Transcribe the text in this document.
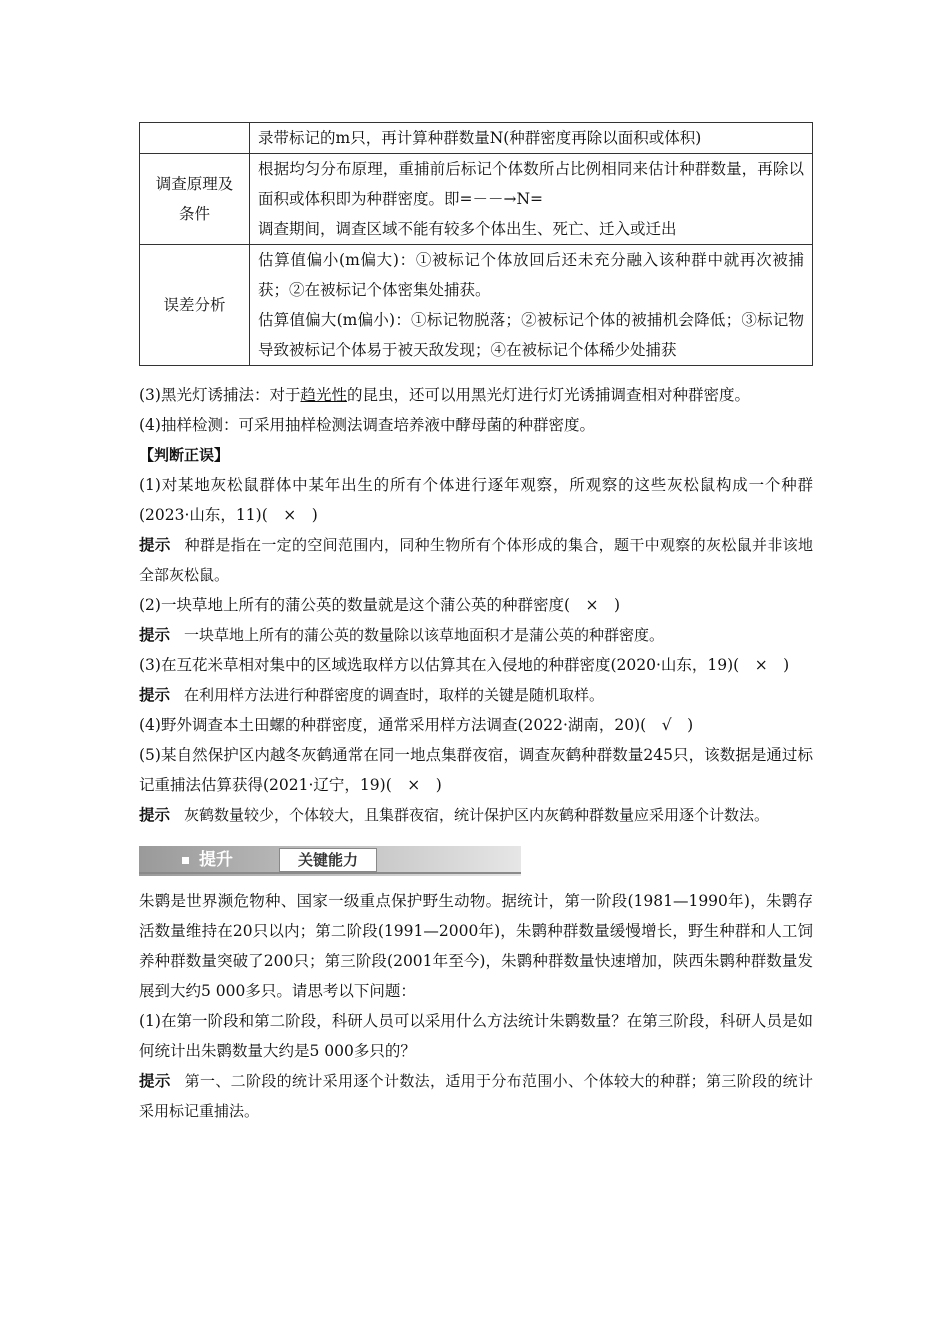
	录带标记的m只，再计算种群数量N(种群密度再除以面积或体积)
调查原理及条件	根据均匀分布原理，重捕前后标记个体数所占比例相同来估计种群数量，再除以面积或体积即为种群密度。即=－－→N=
调查期间，调查区域不能有较多个体出生、死亡、迁入或迁出

误差分析	估算值偏小(m偏大)：①被标记个体放回后还未充分融入该种群中就再次被捕获；②在被标记个体密集处捕获。
估算值偏大(m偏小)：①标记物脱落；②被标记个体的被捕机会降低；③标记物导致被标记个体易于被天敌发现；④在被标记个体稀少处捕获

(3)黑光灯诱捕法：对于趋光性的昆虫，还可以用黑光灯进行灯光诱捕调查相对种群密度。

(4)抽样检测：可采用抽样检测法调查培养液中酵母菌的种群密度。

【判断正误】

(1)对某地灰松鼠群体中某年出生的所有个体进行逐年观察，所观察的这些灰松鼠构成一个种群(2023·山东，11)(　×　)

提示 种群是指在一定的空间范围内，同种生物所有个体形成的集合，题干中观察的灰松鼠并非该地全部灰松鼠。

(2)一块草地上所有的蒲公英的数量就是这个蒲公英的种群密度(　×　)

提示 一块草地上所有的蒲公英的数量除以该草地面积才是蒲公英的种群密度。

(3)在互花米草相对集中的区域选取样方以估算其在入侵地的种群密度(2020·山东，19)(　×　)

提示 在利用样方法进行种群密度的调查时，取样的关键是随机取样。

(4)野外调查本土田螺的种群密度，通常采用样方法调查(2022·湖南，20)(　√　)

(5)某自然保护区内越冬灰鹤通常在同一地点集群夜宿，调查灰鹤种群数量245只，该数据是通过标记重捕法估算获得(2021·辽宁，19)(　×　)

提示 灰鹤数量较少，个体较大，且集群夜宿，统计保护区内灰鹤种群数量应采用逐个计数法。

提升	关键能力

朱鹮是世界濒危物种、国家一级重点保护野生动物。据统计，第一阶段(1981—1990年)，朱鹮存活数量维持在20只以内；第二阶段(1991—2000年)，朱鹮种群数量缓慢增长，野生种群和人工饲养种群数量突破了200只；第三阶段(2001年至今)，朱鹮种群数量快速增加，陕西朱鹮种群数量发展到大约5 000多只。请思考以下问题：

(1)在第一阶段和第二阶段，科研人员可以采用什么方法统计朱鹮数量？在第三阶段，科研人员是如何统计出朱鹮数量大约是5 000多只的？

提示 第一、二阶段的统计采用逐个计数法，适用于分布范围小、个体较大的种群；第三阶段的统计采用标记重捕法。
